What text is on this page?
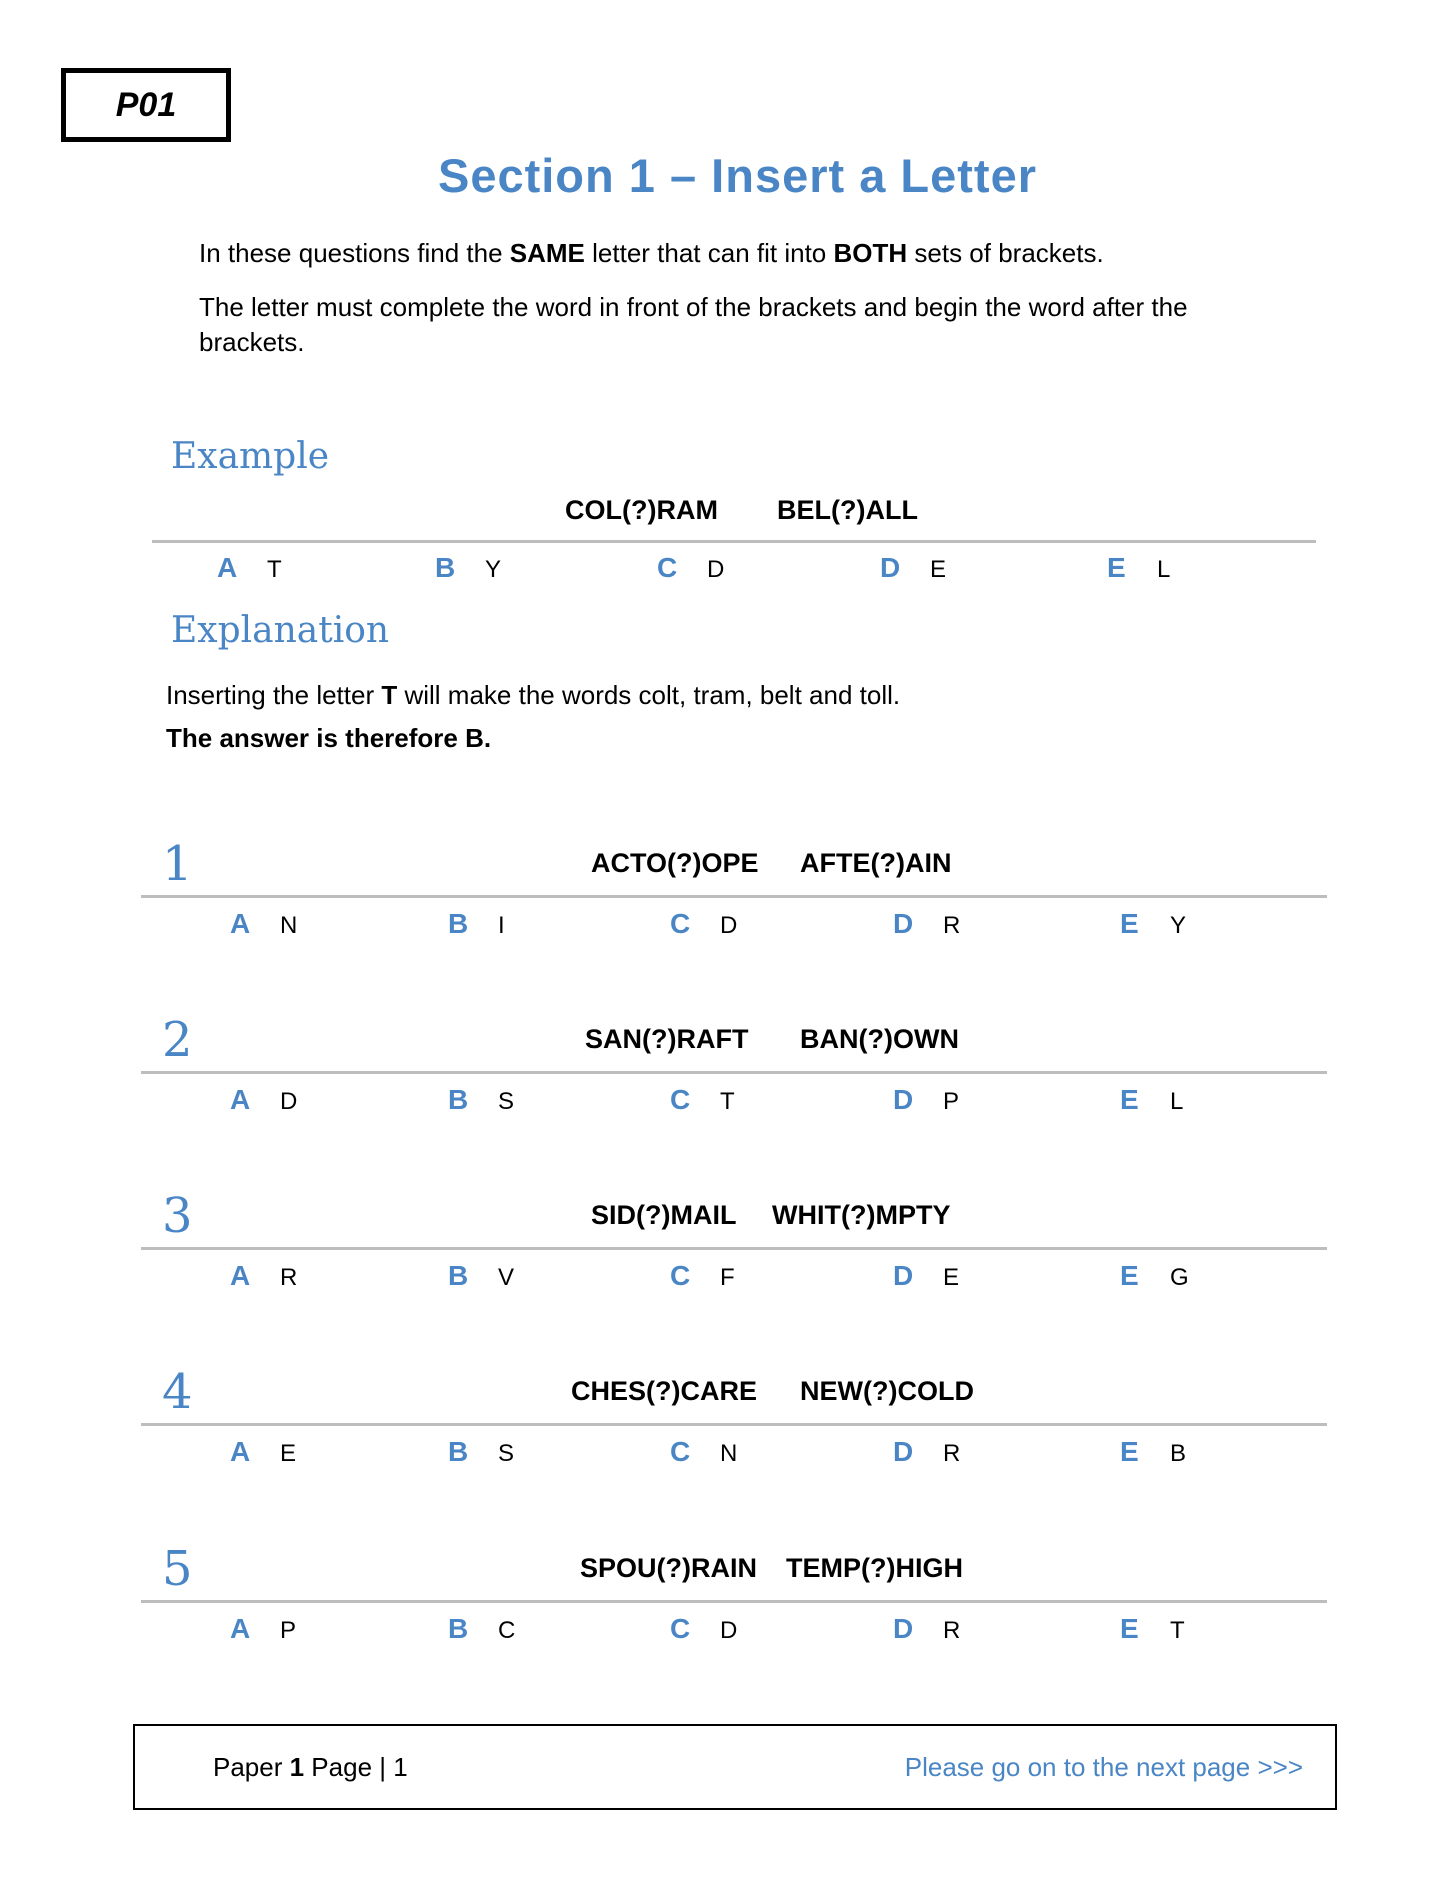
P01
Section 1 – Insert a Letter
In these questions find the SAME letter that can fit into BOTH sets of brackets.
The letter must complete the word in front of the brackets and begin the word after the brackets.
Example
COL(?)RAM BEL(?)ALL
A T	B Y	C D	D E	E L
Explanation
Inserting the letter T will make the words colt, tram, belt and toll.
The answer is therefore B.
1	ACTO(?)OPE AFTE(?)AIN
A N	B I	C D	D R	E Y
2	SAN(?)RAFT BAN(?)OWN
A D	B S	C T	D P	E L
3	SID(?)MAIL WHIT(?)MPTY
A R	B V	C F	D E	E G
4	CHES(?)CARE NEW(?)COLD
A E	B S	C N	D R	E B
5	SPOU(?)RAIN TEMP(?)HIGH
A P	B C	C D	D R	E T
Paper 1 Page | 1	Please go on to the next page >>>
